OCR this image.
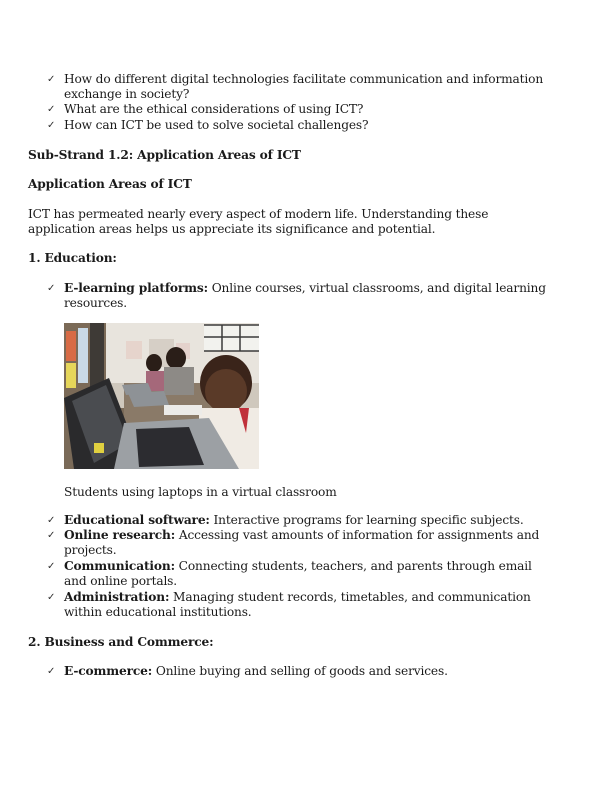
✓ How do different digital technologies facilitate communication and information
exchange in society?
✓ What are the ethical considerations of using ICT?
✓ How can ICT be used to solve societal challenges?
Sub-Strand 1.2: Application Areas of ICT
Application Areas of ICT
ICT has permeated nearly every aspect of modern life. Understanding these
application areas helps us appreciate its significance and potential.
1. Education:
✓ E-learning platforms: Online courses, virtual classrooms, and digital learning
resources.
Students using laptops in a virtual classroom
✓ Educational software: Interactive programs for learning specific subjects.
✓ Online research: Accessing vast amounts of information for assignments and
projects.
✓ Communication: Connecting students, teachers, and parents through email
and online portals.
✓ Administration: Managing student records, timetables, and communication
within educational institutions.
2. Business and Commerce:
✓ E-commerce: Online buying and selling of goods and services.
